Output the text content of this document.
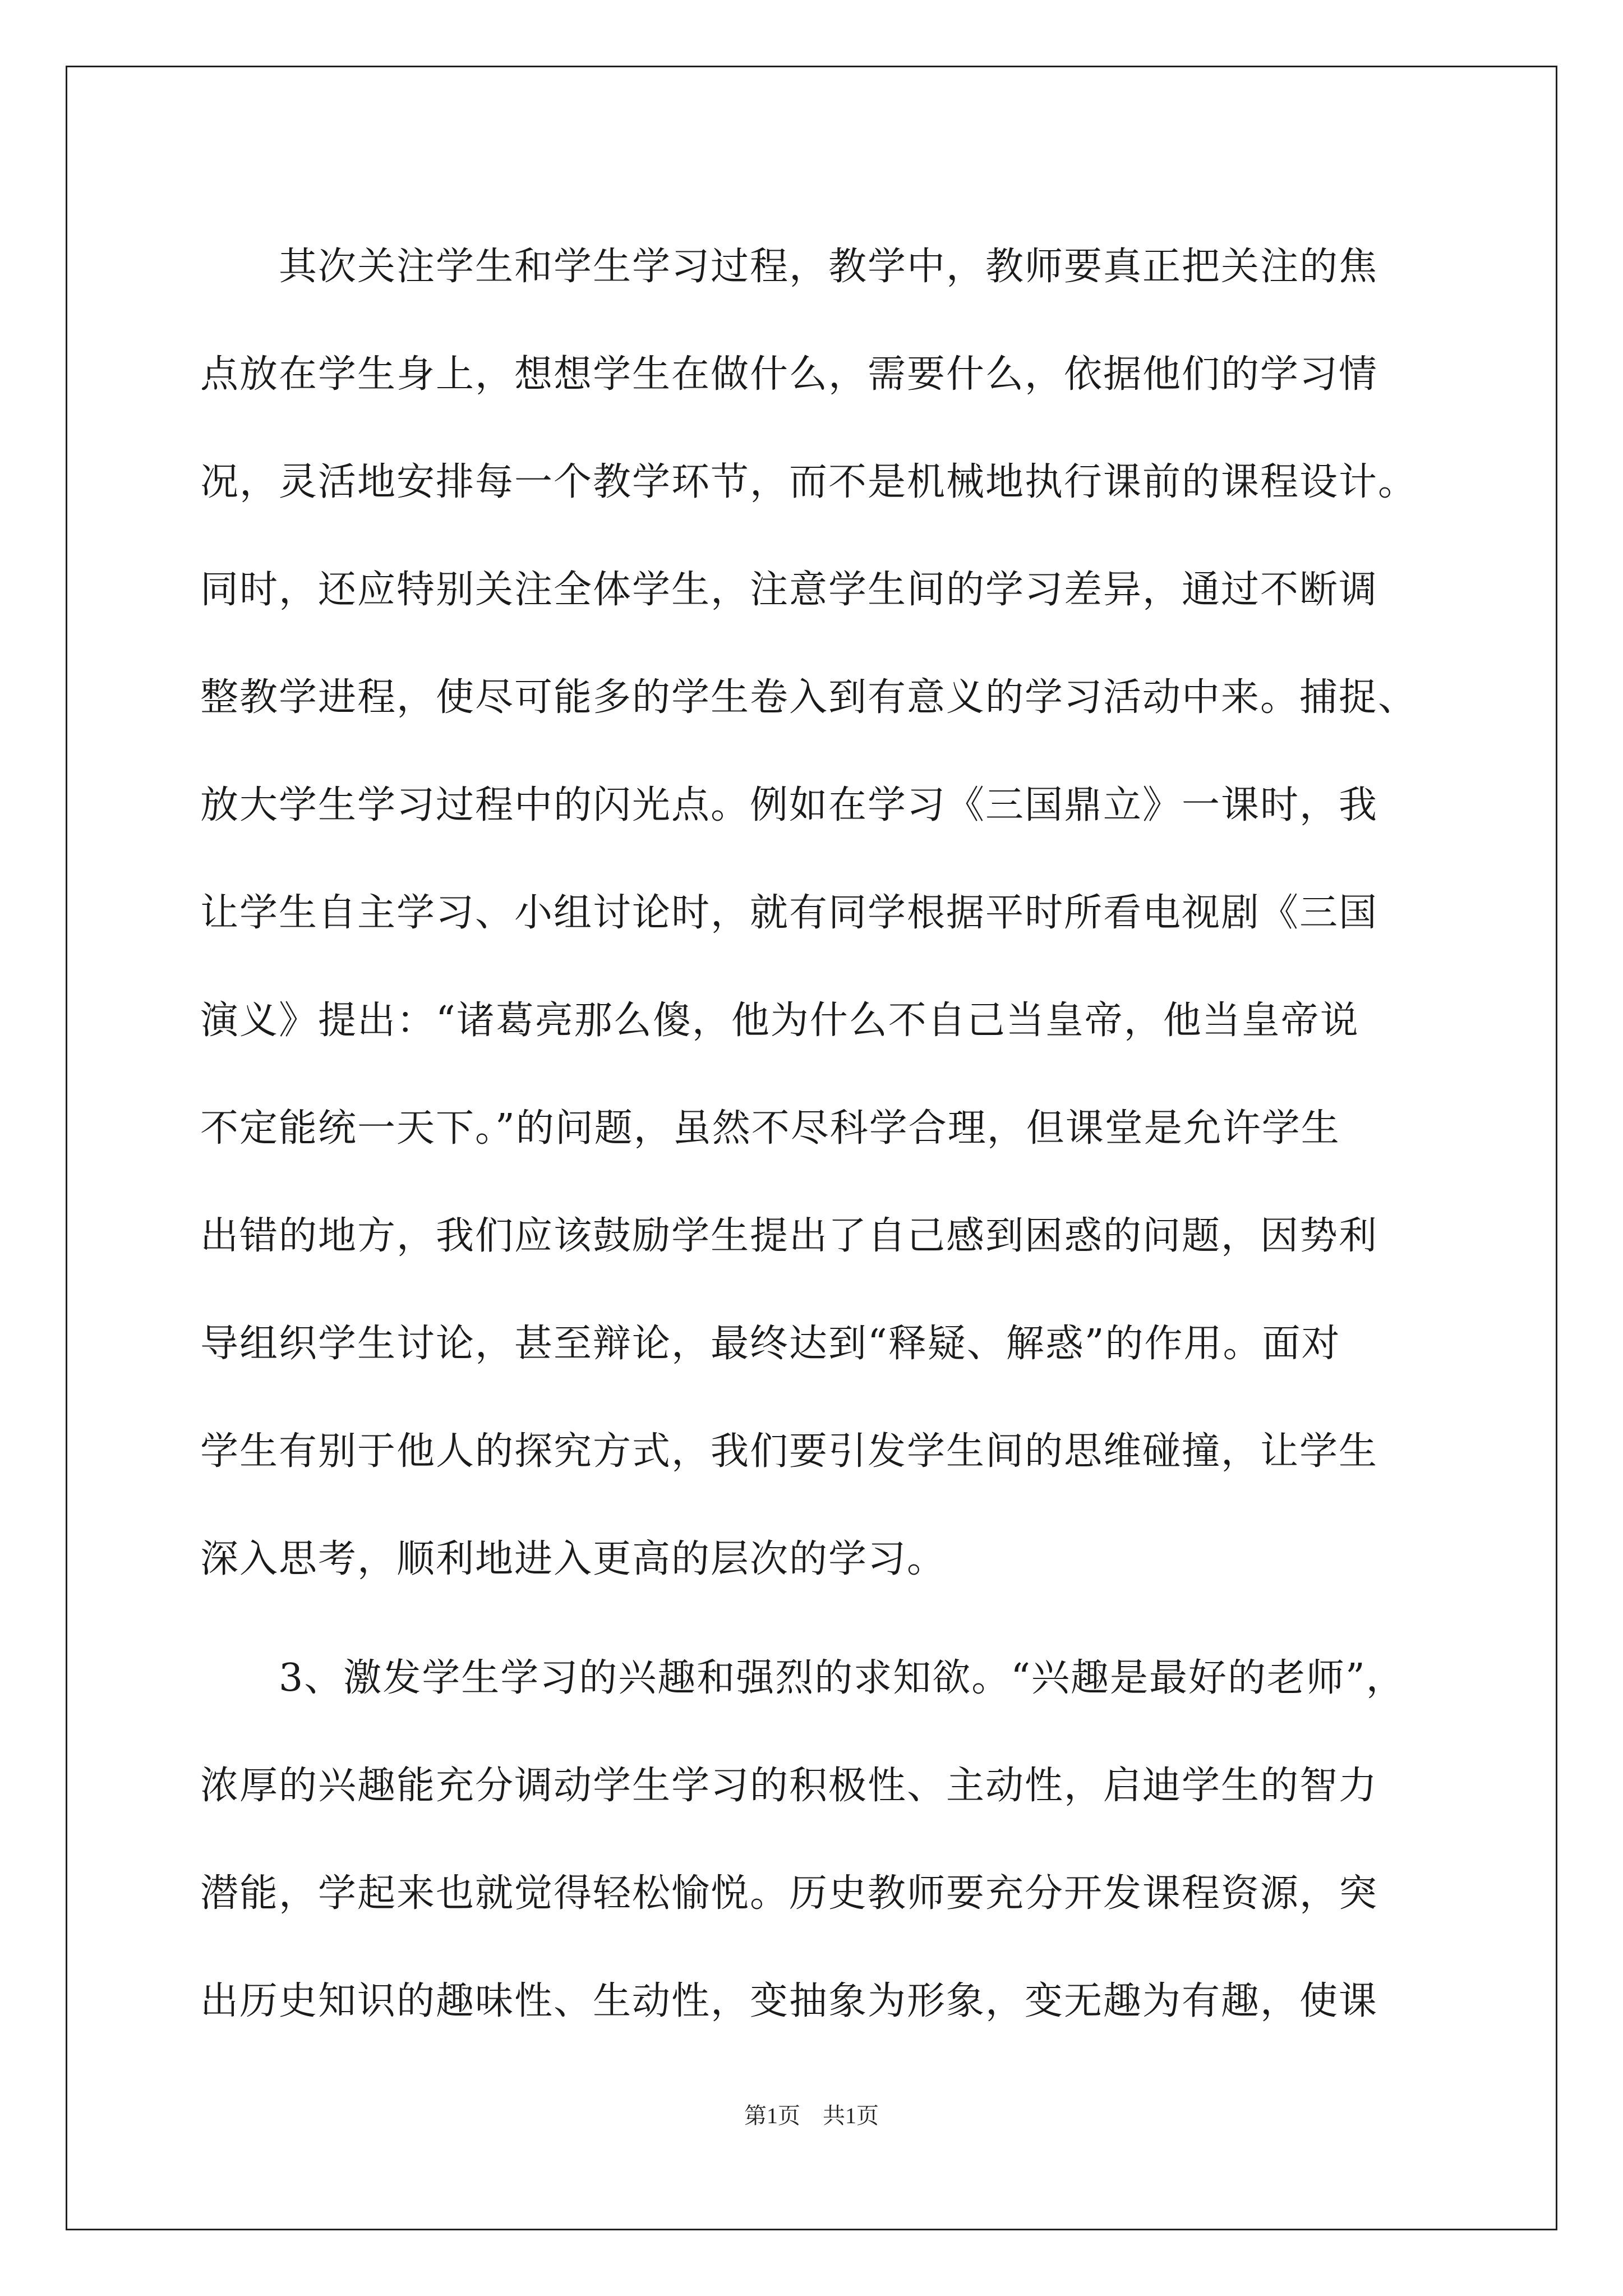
　　其次关注学生和学生学习过程，教学中，教师要真正把关注的焦
点放在学生身上，想想学生在做什么，需要什么，依据他们的学习情
况，灵活地安排每一个教学环节，而不是机械地执行课前的课程设计。
同时，还应特别关注全体学生，注意学生间的学习差异，通过不断调
整教学进程，使尽可能多的学生卷入到有意义的学习活动中来。捕捉、
放大学生学习过程中的闪光点。例如在学习《三国鼎立》一课时，我
让学生自主学习、小组讨论时，就有同学根据平时所看电视剧《三国
演义》提出：“诸葛亮那么傻，他为什么不自己当皇帝，他当皇帝说
不定能统一天下。”的问题，虽然不尽科学合理，但课堂是允许学生
出错的地方，我们应该鼓励学生提出了自己感到困惑的问题，因势利
导组织学生讨论，甚至辩论，最终达到“释疑、解惑”的作用。面对
学生有别于他人的探究方式，我们要引发学生间的思维碰撞，让学生
深入思考，顺利地进入更高的层次的学习。
　　3、激发学生学习的兴趣和强烈的求知欲。“兴趣是最好的老师”，
浓厚的兴趣能充分调动学生学习的积极性、主动性，启迪学生的智力
潜能，学起来也就觉得轻松愉悦。历史教师要充分开发课程资源，突
出历史知识的趣味性、生动性，变抽象为形象，变无趣为有趣，使课
第1页　共1页
